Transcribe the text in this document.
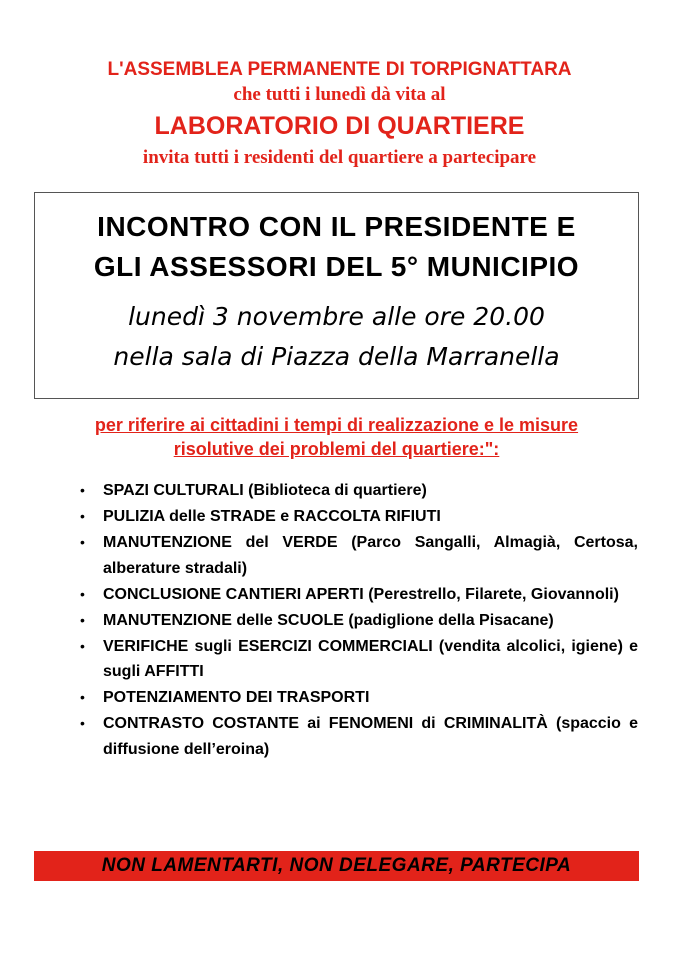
L'ASSEMBLEA PERMANENTE DI TORPIGNATTARA

che tutti i lunedì dà vita al

LABORATORIO DI QUARTIERE

invita tutti i residenti del quartiere a partecipare

INCONTRO CON IL PRESIDENTE E
GLI ASSESSORI DEL 5° MUNICIPIO

lunedì 3 novembre alle ore 20.00
nella sala di Piazza della Marranella

per riferire ai cittadini i tempi di realizzazione e le misure
risolutive dei problemi del quartiere:":

• SPAZI CULTURALI (Biblioteca di quartiere)
• PULIZIA delle STRADE e RACCOLTA RIFIUTI
• MANUTENZIONE del VERDE (Parco Sangalli, Almagià, Certosa, alberature stradali)
• CONCLUSIONE CANTIERI APERTI (Perestrello, Filarete, Giovannoli)
• MANUTENZIONE delle SCUOLE (padiglione della Pisacane)
• VERIFICHE sugli ESERCIZI COMMERCIALI (vendita alcolici, igiene) e sugli AFFITTI
• POTENZIAMENTO DEI TRASPORTI
• CONTRASTO COSTANTE ai FENOMENI di CRIMINALITÀ (spaccio e diffusione dell’eroina)
NON LAMENTARTI, NON DELEGARE, PARTECIPA
